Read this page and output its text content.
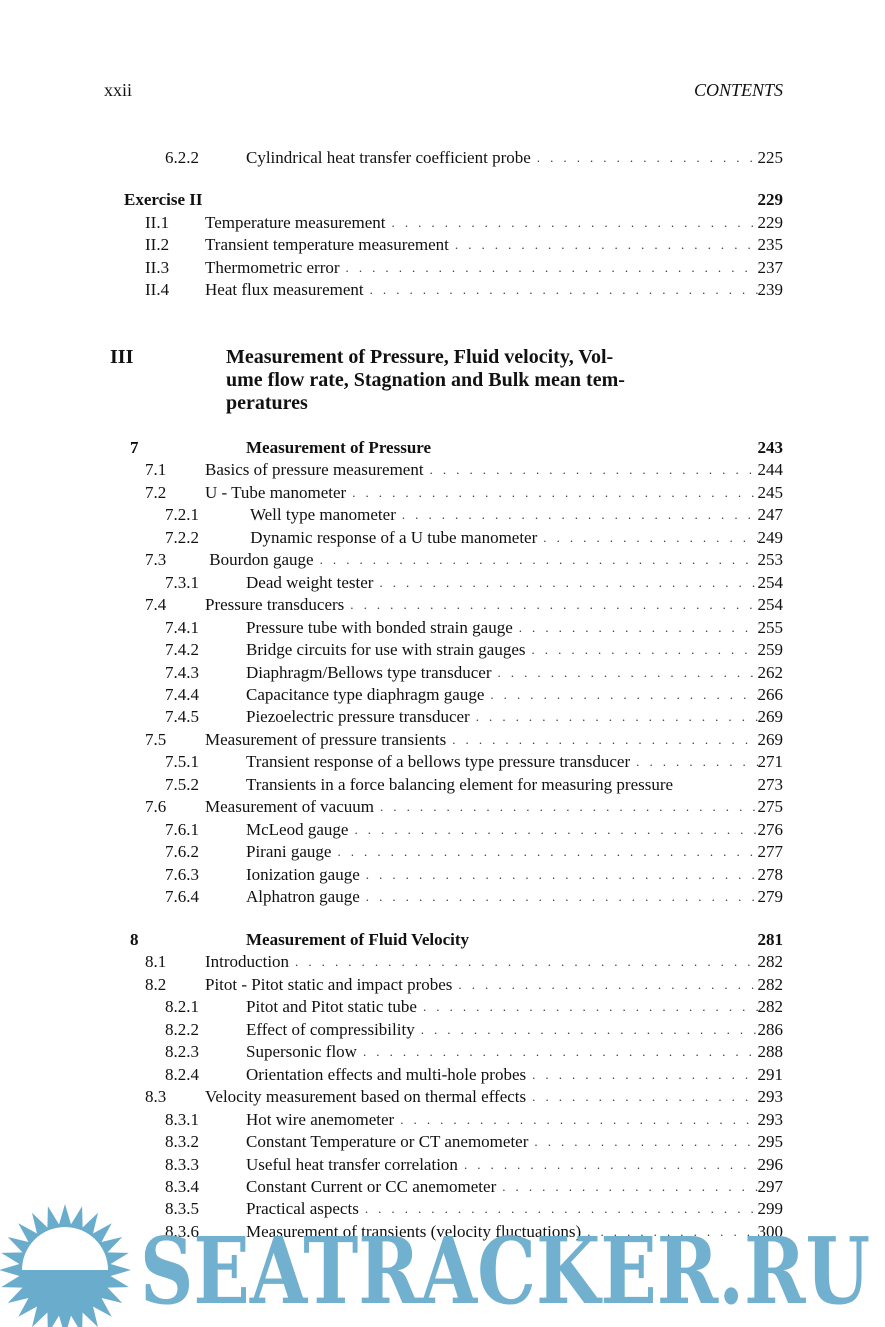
xxii	CONTENTS
6.2.2	Cylindrical heat transfer coefficient probe . . .	225
Exercise II	229
II.1 Temperature measurement . . .	229
II.2 Transient temperature measurement . . .	235
II.3 Thermometric error . . .	237
II.4 Heat flux measurement . . .	239
III	Measurement of Pressure, Fluid velocity, Vol-
ume flow rate, Stagnation and Bulk mean tem-
peratures
7	Measurement of Pressure	243
7.1 Basics of pressure measurement . . .	244
7.2 U - Tube manometer . . .	245
7.2.1	Well type manometer . . .	247
7.2.2	Dynamic response of a U tube manometer . . .	249
7.3 Bourdon gauge . . .	253
7.3.1	Dead weight tester . . .	254
7.4 Pressure transducers . . .	254
7.4.1	Pressure tube with bonded strain gauge . . .	255
7.4.2	Bridge circuits for use with strain gauges . . .	259
7.4.3	Diaphragm/Bellows type transducer . . .	262
7.4.4	Capacitance type diaphragm gauge . . .	266
7.4.5	Piezoelectric pressure transducer . . .	269
7.5 Measurement of pressure transients . . .	269
7.5.1	Transient response of a bellows type pressure transducer . . .	271
7.5.2	Transients in a force balancing element for measuring pressure	273
7.6 Measurement of vacuum . . .	275
7.6.1	McLeod gauge . . .	276
7.6.2	Pirani gauge . . .	277
7.6.3	Ionization gauge . . .	278
7.6.4	Alphatron gauge . . .	279
8	Measurement of Fluid Velocity	281
8.1 Introduction . . .	282
8.2 Pitot - Pitot static and impact probes . . .	282
8.2.1	Pitot and Pitot static tube . . .	282
8.2.2	Effect of compressibility . . .	286
8.2.3	Supersonic flow . . .	288
8.2.4	Orientation effects and multi-hole probes . . .	291
8.3 Velocity measurement based on thermal effects . . .	293
8.3.1	Hot wire anemometer . . .	293
8.3.2	Constant Temperature or CT anemometer . . .	295
8.3.3	Useful heat transfer correlation . . .	296
8.3.4	Constant Current or CC anemometer . . .	297
8.3.5	Practical aspects . . .	299
8.3.6	Measurement of transients (velocity fluctuations) . . .	300
SEATRACKER.RU
